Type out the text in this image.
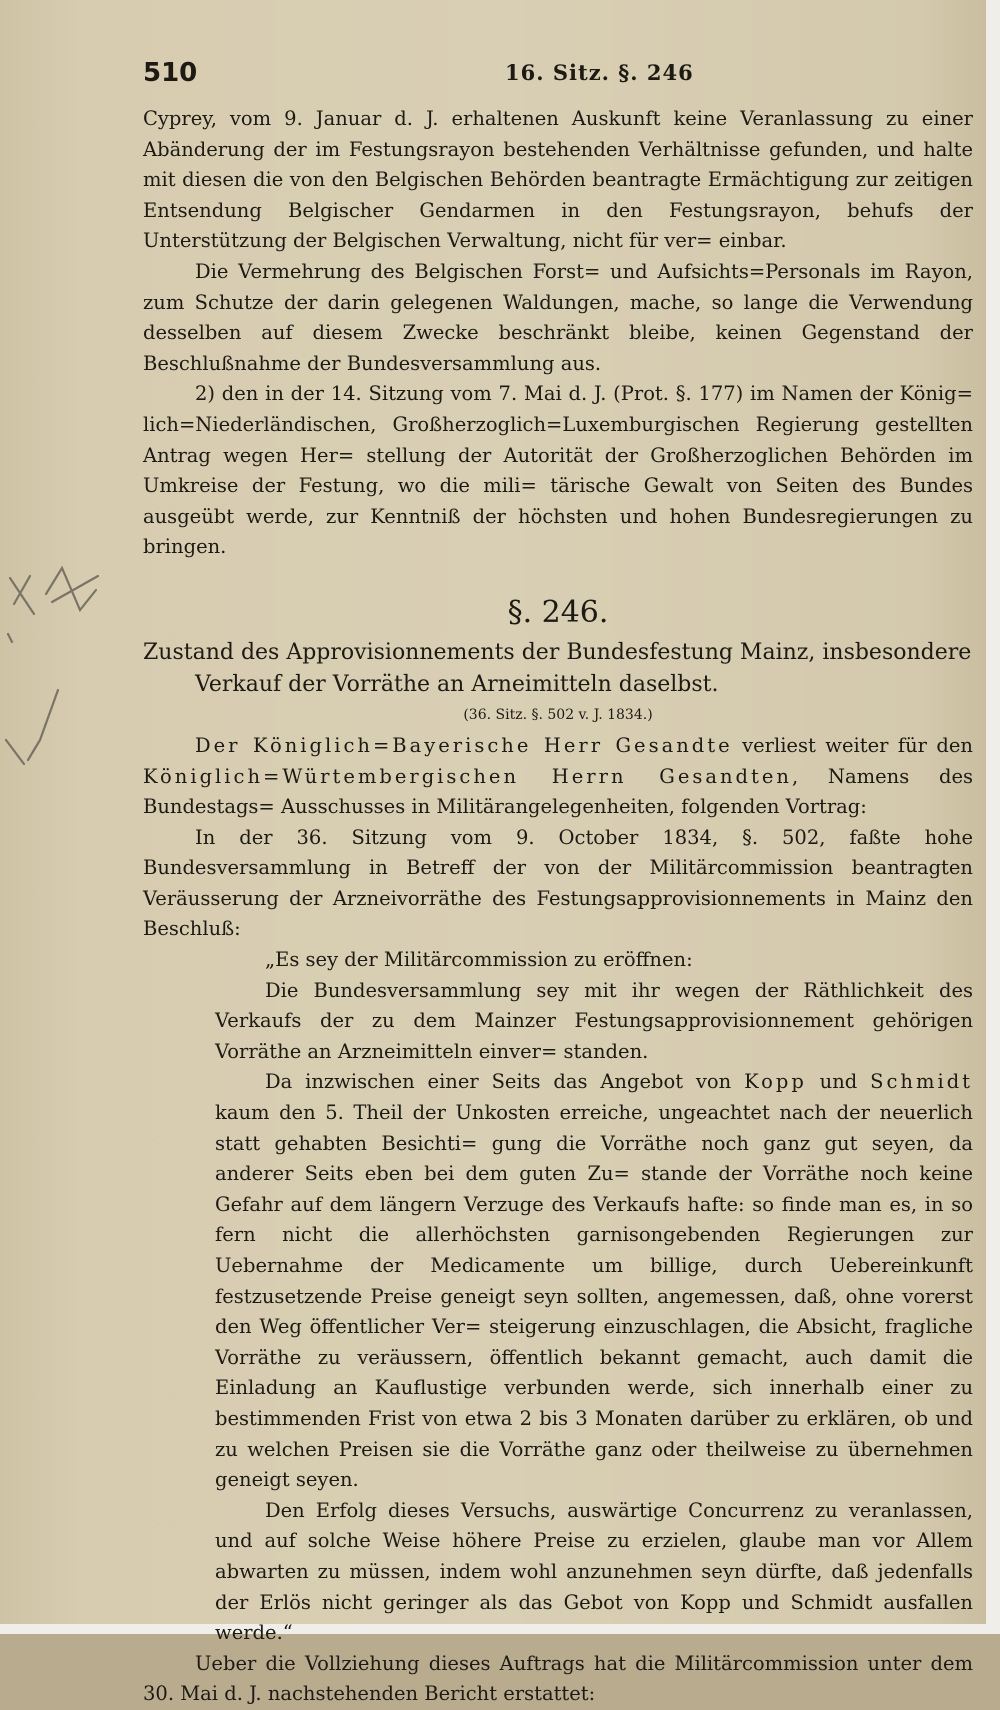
510	16. Sitz. §. 246

Cyprey, vom 9. Januar d. J. erhaltenen Auskunft keine Veranlassung zu einer Abänderung der im Festungsrayon bestehenden Verhältnisse gefunden, und halte mit diesen die von den Belgischen Behörden beantragte Ermächtigung zur zeitigen Entsendung Belgischer Gendarmen in den Festungsrayon, behufs der Unterstützung der Belgischen Verwaltung, nicht für ver= einbar.

Die Vermehrung des Belgischen Forst= und Aufsichts=Personals im Rayon, zum Schutze der darin gelegenen Waldungen, mache, so lange die Verwendung desselben auf diesem Zwecke beschränkt bleibe, keinen Gegenstand der Beschlußnahme der Bundesversammlung aus.

2) den in der 14. Sitzung vom 7. Mai d. J. (Prot. §. 177) im Namen der König= lich=Niederländischen, Großherzoglich=Luxemburgischen Regierung gestellten Antrag wegen Her= stellung der Autorität der Großherzoglichen Behörden im Umkreise der Festung, wo die mili= tärische Gewalt von Seiten des Bundes ausgeübt werde, zur Kenntniß der höchsten und hohen Bundesregierungen zu bringen.

§. 246.

Zustand des Approvisionnements der Bundesfestung Mainz, insbesondere

Verkauf der Vorräthe an Arneimitteln daselbst.

(36. Sitz. §. 502 v. J. 1834.)

Der Königlich=Bayerische Herr Gesandte verliest weiter für den Königlich=Würtembergischen Herrn Gesandten, Namens des Bundestags= Ausschusses in Militärangelegenheiten, folgenden Vortrag:

In der 36. Sitzung vom 9. October 1834, §. 502, faßte hohe Bundesversammlung in Betreff der von der Militärcommission beantragten Veräusserung der Arzneivorräthe des Festungsapprovisionnements in Mainz den Beschluß:

„Es sey der Militärcommission zu eröffnen:

Die Bundesversammlung sey mit ihr wegen der Räthlichkeit des Verkaufs der zu dem Mainzer Festungsapprovisionnement gehörigen Vorräthe an Arzneimitteln einver= standen.

Da inzwischen einer Seits das Angebot von Kopp und Schmidt kaum den 5. Theil der Unkosten erreiche, ungeachtet nach der neuerlich statt gehabten Besichti= gung die Vorräthe noch ganz gut seyen, da anderer Seits eben bei dem guten Zu= stande der Vorräthe noch keine Gefahr auf dem längern Verzuge des Verkaufs hafte: so finde man es, in so fern nicht die allerhöchsten garnisongebenden Regierungen zur Uebernahme der Medicamente um billige, durch Uebereinkunft festzusetzende Preise geneigt seyn sollten, angemessen, daß, ohne vorerst den Weg öffentlicher Ver= steigerung einzuschlagen, die Absicht, fragliche Vorräthe zu veräussern, öffentlich bekannt gemacht, auch damit die Einladung an Kauflustige verbunden werde, sich innerhalb einer zu bestimmenden Frist von etwa 2 bis 3 Monaten darüber zu erklären, ob und zu welchen Preisen sie die Vorräthe ganz oder theilweise zu übernehmen geneigt seyen.

Den Erfolg dieses Versuchs, auswärtige Concurrenz zu veranlassen, und auf solche Weise höhere Preise zu erzielen, glaube man vor Allem abwarten zu müssen, indem wohl anzunehmen seyn dürfte, daß jedenfalls der Erlös nicht geringer als das Gebot von Kopp und Schmidt ausfallen werde.“

Ueber die Vollziehung dieses Auftrags hat die Militärcommission unter dem 30. Mai d. J. nachstehenden Bericht erstattet:
